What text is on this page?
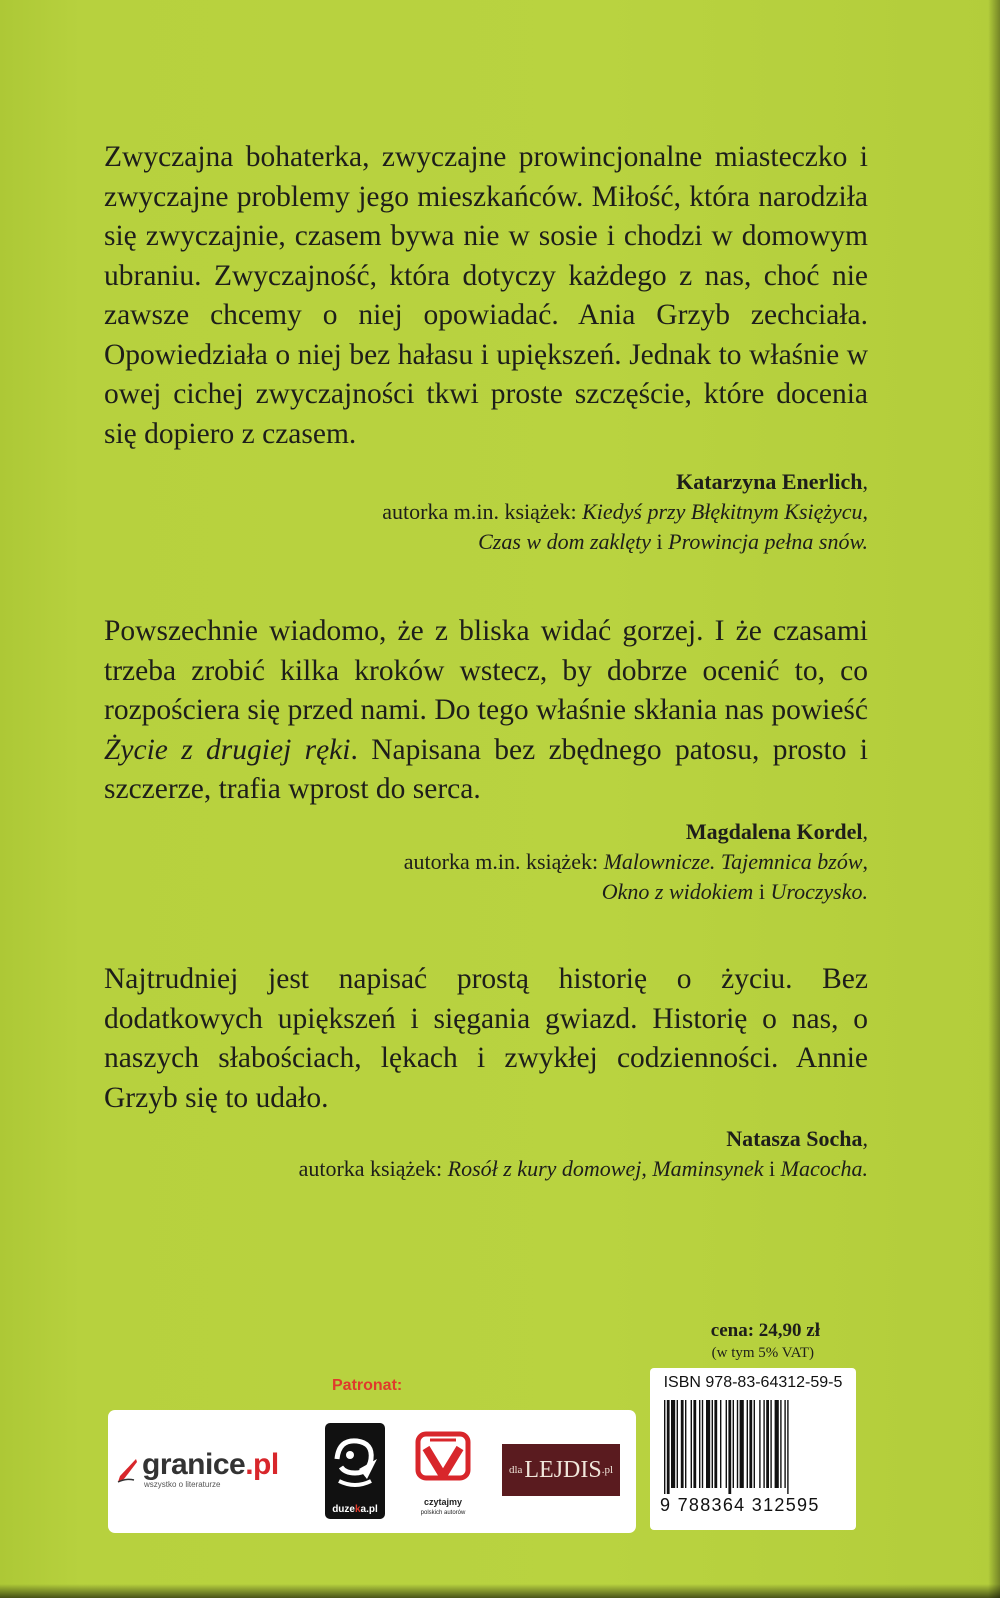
Zwyczajna bohaterka, zwyczajne prowincjonalne miasteczko i zwyczajne problemy jego mieszkańców. Miłość, która narodziła się zwyczajnie, czasem bywa nie w sosie i chodzi w domowym ubraniu. Zwyczajność, która dotyczy każdego z nas, choć nie zawsze chcemy o niej opowiadać. Ania Grzyb zechciała. Opowiedziała o niej bez hałasu i upiększeń. Jednak to właśnie w owej cichej zwyczajności tkwi proste szczęście, które docenia się dopiero z czasem.

Katarzyna Enerlich,
autorka m.in. książek: Kiedyś przy Błękitnym Księżycu,
Czas w dom zaklęty i Prowincja pełna snów.

Powszechnie wiadomo, że z bliska widać gorzej. I że czasami trzeba zrobić kilka kroków wstecz, by dobrze ocenić to, co rozpościera się przed nami. Do tego właśnie skłania nas powieść Życie z drugiej ręki. Napisana bez zbędnego patosu, prosto i szczerze, trafia wprost do serca.

Magdalena Kordel,
autorka m.in. książek: Malownicze. Tajemnica bzów,
Okno z widokiem i Uroczysko.

Najtrudniej jest napisać prostą historię o życiu. Bez dodatkowych upiększeń i sięgania gwiazd. Historię o nas, o naszych słabościach, lękach i zwykłej codzienności. Annie Grzyb się to udało.

Natasza Socha,
autorka książek: Rosół z kury domowej, Maminsynek i Macocha.
cena: 24,90 zł
(w tym 5% VAT)
Patronat:
granice.pl
wszystko o literaturze
duzeka.pl
czytajmy
polskich autorów
dla LEJDIS .pl
ISBN 978-83-64312-59-5
9 788364 312595
